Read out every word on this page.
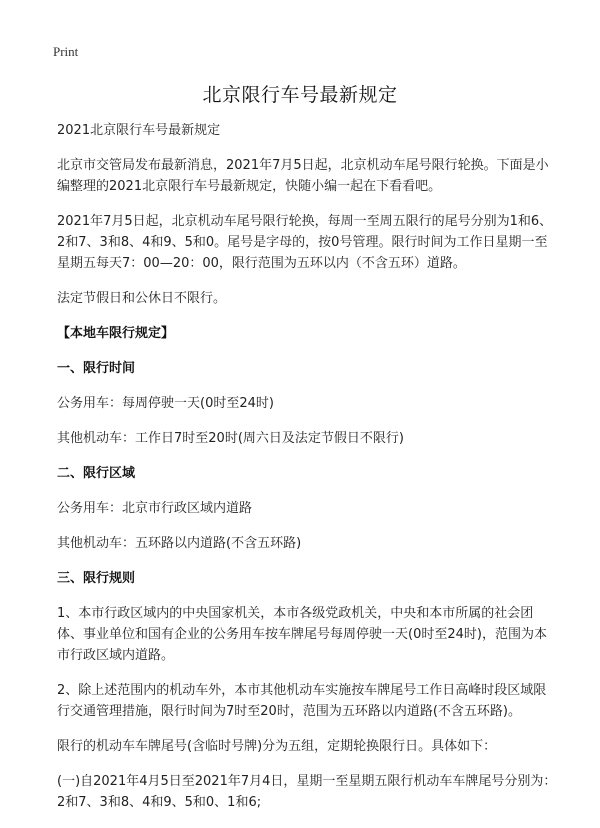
Print
北京限行车号最新规定

2021北京限行车号最新规定

北京市交管局发布最新消息，2021年7月5日起，北京机动车尾号限行轮换。下面是小编整理的2021北京限行车号最新规定，快随小编一起在下看看吧。

2021年7月5日起，北京机动车尾号限行轮换，每周一至周五限行的尾号分别为1和6、2和7、3和8、4和9、5和0。尾号是字母的，按0号管理。限行时间为工作日星期一至星期五每天7：00—20：00，限行范围为五环以内（不含五环）道路。

法定节假日和公休日不限行。

【本地车限行规定】

一、限行时间

公务用车：每周停驶一天(0时至24时)

其他机动车：工作日7时至20时(周六日及法定节假日不限行)

二、限行区域

公务用车：北京市行政区域内道路

其他机动车：五环路以内道路(不含五环路)

三、限行规则

1、本市行政区域内的中央国家机关，本市各级党政机关，中央和本市所属的社会团体、事业单位和国有企业的公务用车按车牌尾号每周停驶一天(0时至24时)，范围为本市行政区域内道路。

2、除上述范围内的机动车外，本市其他机动车实施按车牌尾号工作日高峰时段区域限行交通管理措施，限行时间为7时至20时，范围为五环路以内道路(不含五环路)。

限行的机动车车牌尾号(含临时号牌)分为五组，定期轮换限行日。具体如下：

(一)自2021年4月5日至2021年7月4日，星期一至星期五限行机动车车牌尾号分别为：2和7、3和8、4和9、5和0、1和6;
